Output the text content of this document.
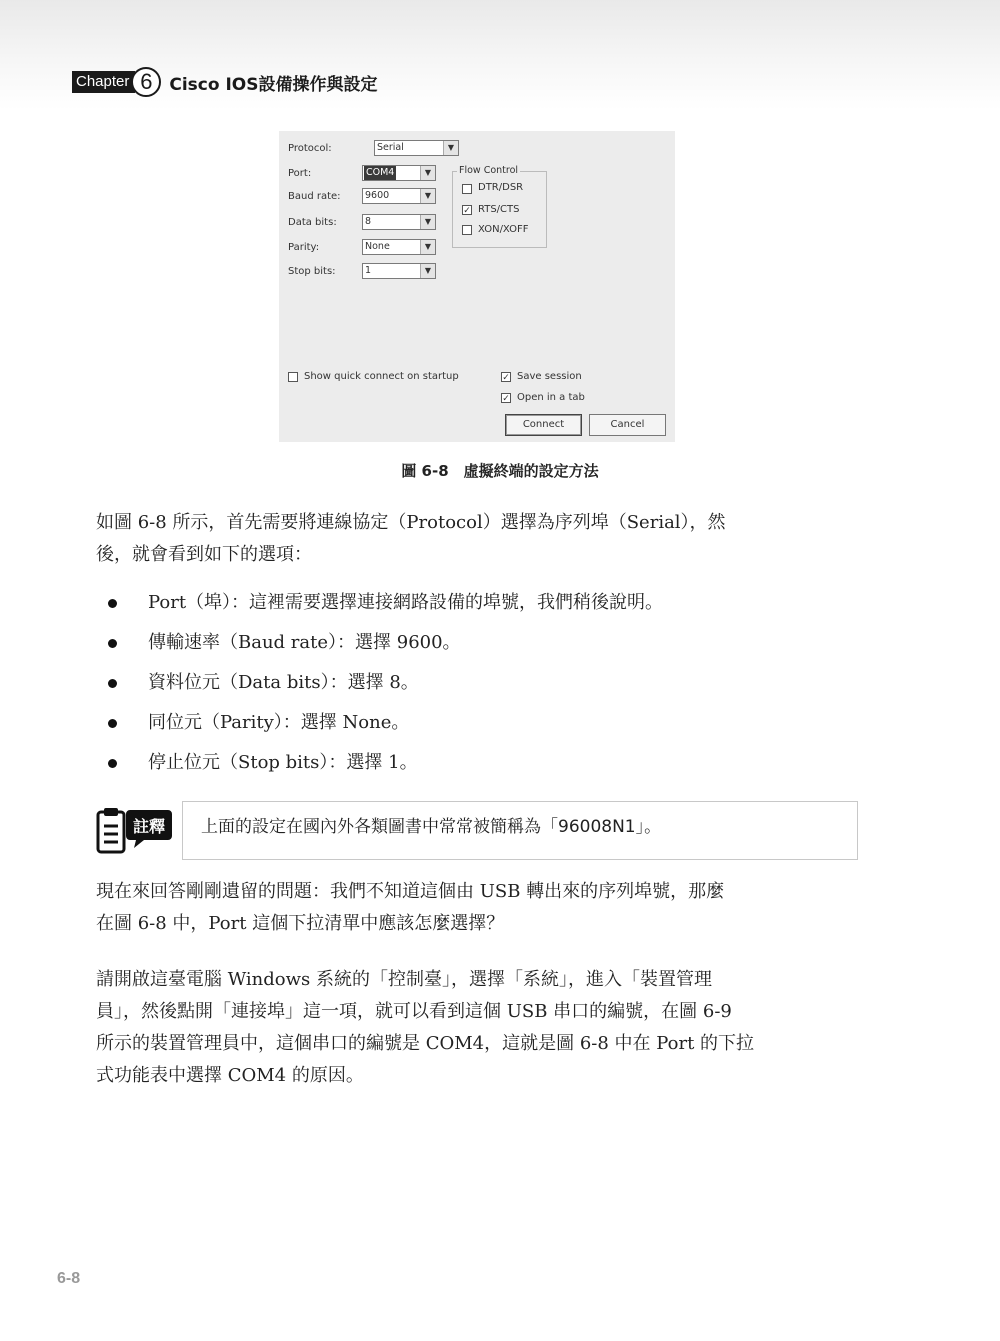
Chapter 6 Cisco IOS設備操作與設定
Protocol:	Serial	▼
Port:	COM4	▼
Baud rate:	9600	▼
Data bits:	8	▼
Parity:	None	▼
Stop bits:	1	▼
Flow Control
DTR/DSR
✓ RTS/CTS
XON/XOFF
Show quick connect on startup	✓ Save session
✓ Open in a tab
Connect	Cancel
圖 6-8　虛擬終端的設定方法
如圖 6-8 所示，首先需要將連線協定（Protocol）選擇為序列埠（Serial），然
後，就會看到如下的選項：
Port（埠）：這裡需要選擇連接網路設備的埠號，我們稍後說明。
傳輸速率（Baud rate）：選擇 9600。
資料位元（Data bits）：選擇 8。
同位元（Parity）：選擇 None。
停止位元（Stop bits）：選擇 1。
註釋	上面的設定在國內外各類圖書中常常被簡稱為「96008N1」。
現在來回答剛剛遺留的問題：我們不知道這個由 USB 轉出來的序列埠號，那麼
在圖 6-8 中，Port 這個下拉清單中應該怎麼選擇？
請開啟這臺電腦 Windows 系統的「控制臺」，選擇「系統」，進入「裝置管理
員」，然後點開「連接埠」這一項，就可以看到這個 USB 串口的編號，在圖 6-9
所示的裝置管理員中，這個串口的編號是 COM4，這就是圖 6-8 中在 Port 的下拉
式功能表中選擇 COM4 的原因。
6-8
